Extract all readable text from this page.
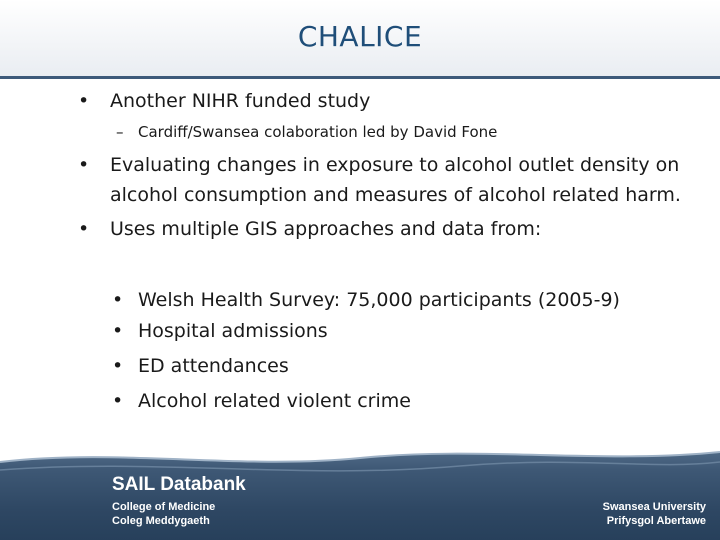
CHALICE
• Another NIHR funded study
– Cardiff/Swansea colaboration led by David Fone
• Evaluating changes in exposure to alcohol outlet density on
alcohol consumption and measures of alcohol related harm.
• Uses multiple GIS approaches and data from:
• Welsh Health Survey: 75,000 participants (2005-9)
• Hospital admissions
• ED attendances
• Alcohol related violent crime
SAIL Databank
College of Medicine
Coleg Meddygaeth
Swansea University
Prifysgol Abertawe
